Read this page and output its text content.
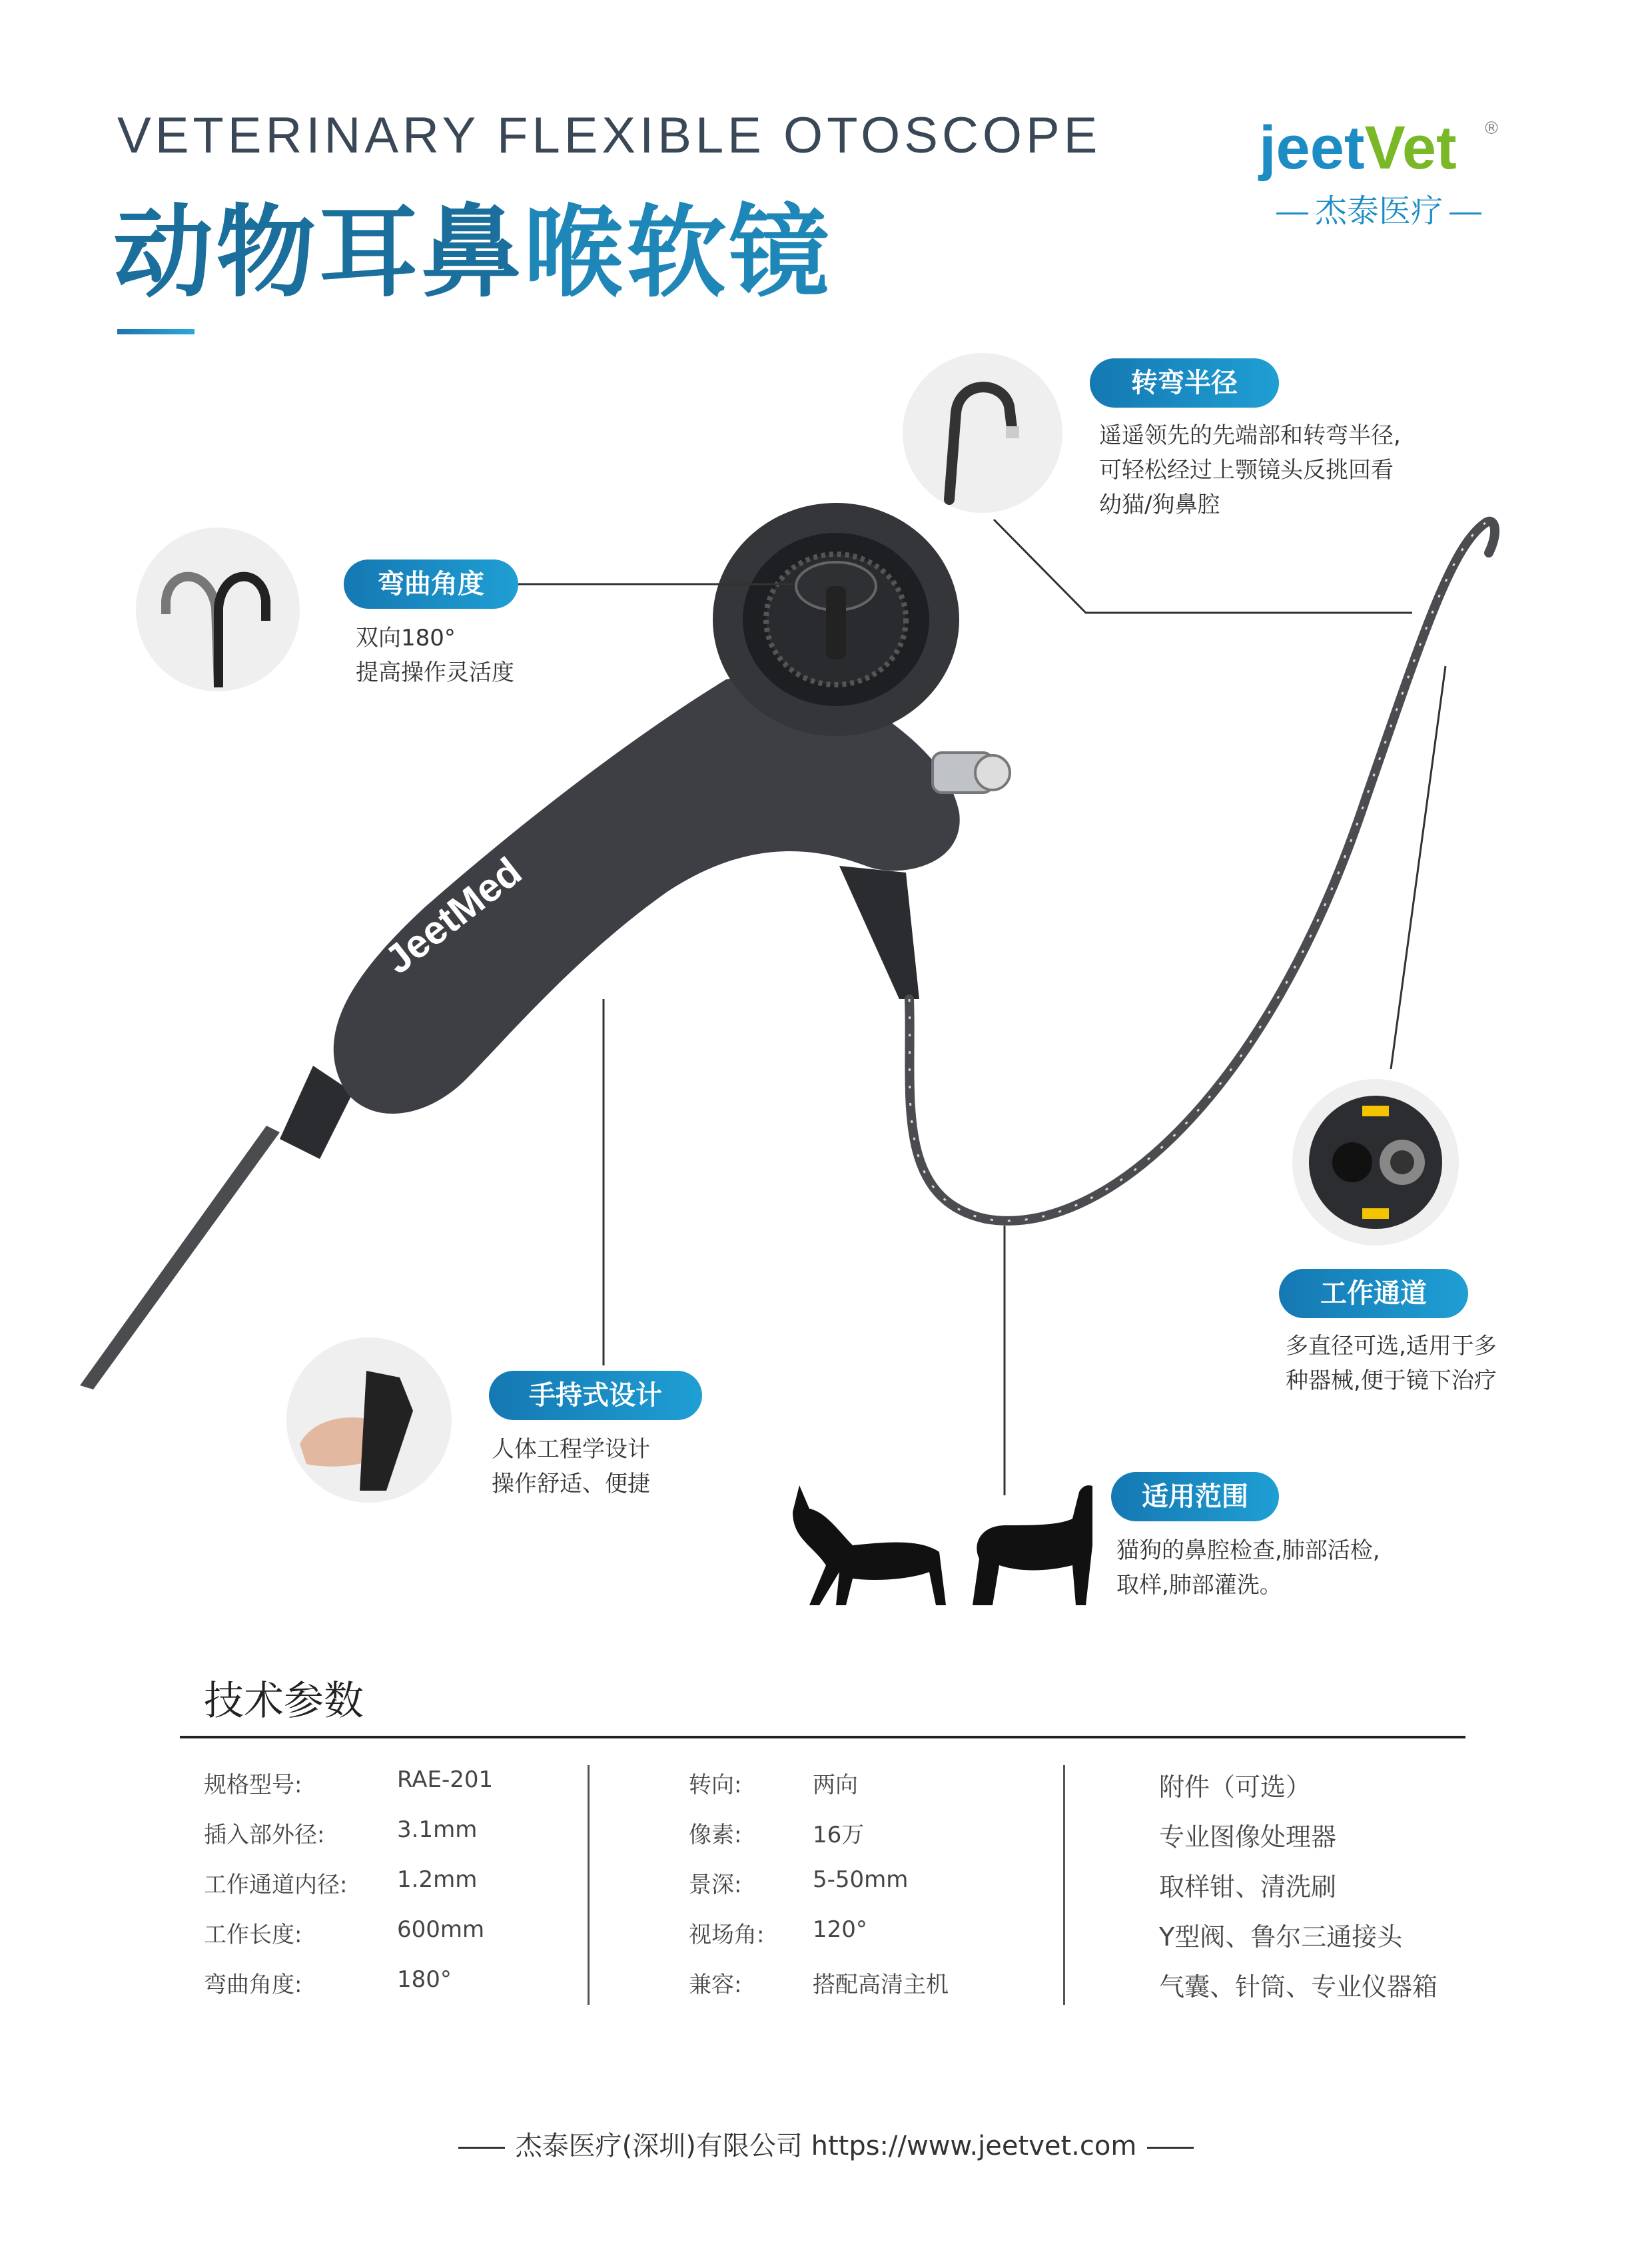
VETERINARY FLEXIBLE OTOSCOPE
动物耳鼻喉软镜
jeetVet ®
杰泰医疗
JeetMed
转弯半径
遥遥领先的先端部和转弯半径,
可轻松经过上颚镜头反挑回看
幼猫/狗鼻腔
弯曲角度
双向180°
提高操作灵活度
工作通道
多直径可选,适用于多
种器械,便于镜下治疗
手持式设计
人体工程学设计
操作舒适、便捷	适用范围
猫狗的鼻腔检查,肺部活检,
取样,肺部灌洗。
技术参数
规格型号:	RAE-201
插入部外径:	3.1mm
工作通道内径: 1.2mm
工作长度:	600mm
弯曲角度:	180°
转向:	两向
像素:	16万
景深:	5-50mm
视场角: 120°
兼容:	搭配高清主机
附件（可选）
专业图像处理器
取样钳、清洗刷
Y型阀、鲁尔三通接头
气囊、针筒、专业仪器箱
杰泰医疗(深圳)有限公司 https://www.jeetvet.com
